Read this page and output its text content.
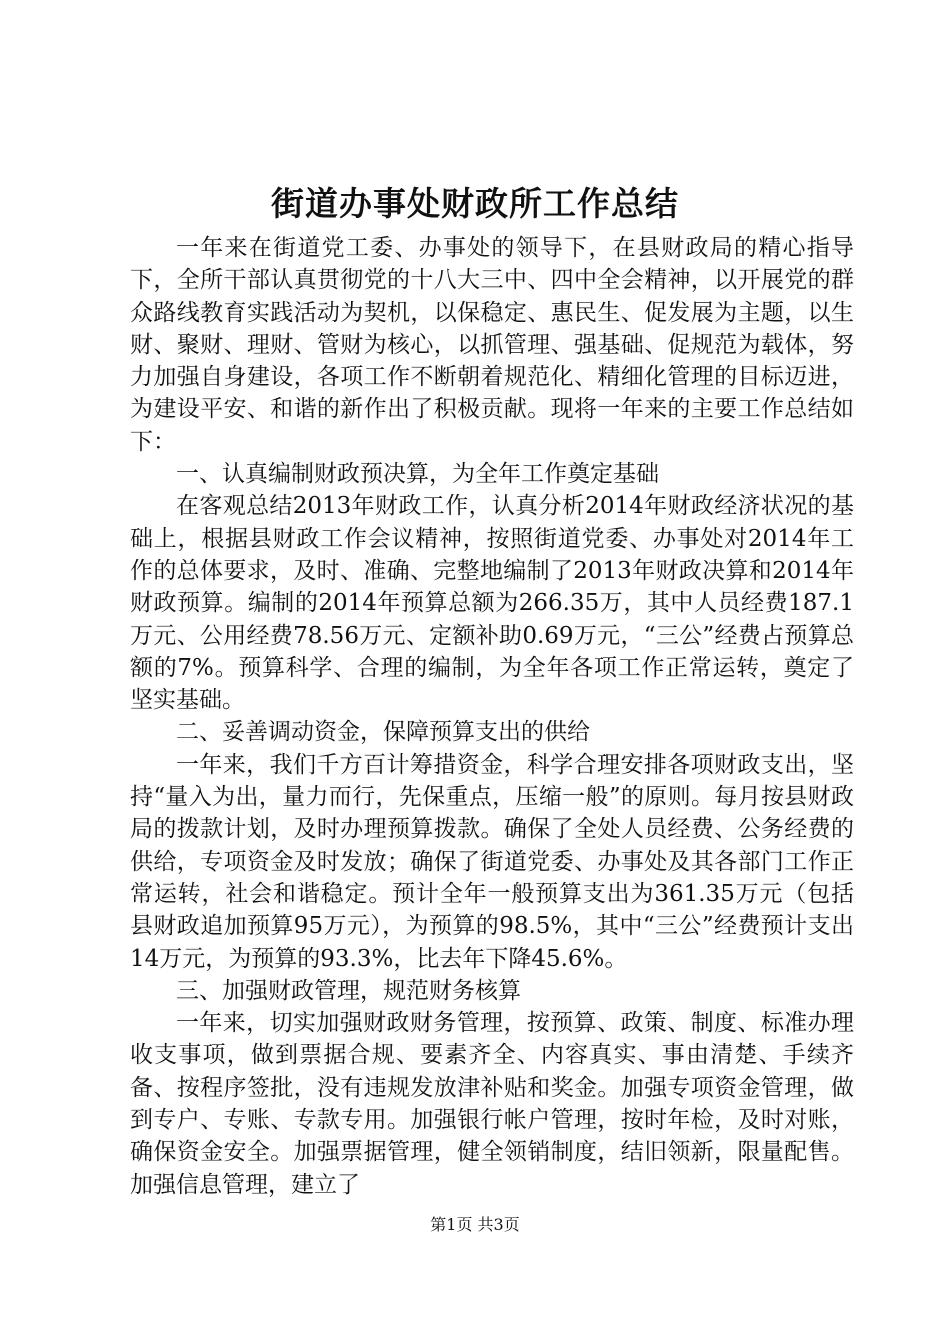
街道办事处财政所工作总结

一年来在街道党工委、办事处的领导下，在县财政局的精心指导下，全所干部认真贯彻党的十八大三中、四中全会精神，以开展党的群众路线教育实践活动为契机，以保稳定、惠民生、促发展为主题，以生财、聚财、理财、管财为核心，以抓管理、强基础、促规范为载体，努力加强自身建设，各项工作不断朝着规范化、精细化管理的目标迈进，为建设平安、和谐的新作出了积极贡献。现将一年来的主要工作总结如下：

一、认真编制财政预决算，为全年工作奠定基础

在客观总结2013年财政工作，认真分析2014年财政经济状况的基础上，根据县财政工作会议精神，按照街道党委、办事处对2014年工作的总体要求，及时、准确、完整地编制了2013年财政决算和2014年财政预算。编制的2014年预算总额为266.35万，其中人员经费187.1万元、公用经费78.56万元、定额补助0.69万元，“三公”经费占预算总额的7%。预算科学、合理的编制，为全年各项工作正常运转，奠定了坚实基础。

二、妥善调动资金，保障预算支出的供给

一年来，我们千方百计筹措资金，科学合理安排各项财政支出，坚持“量入为出，量力而行，先保重点，压缩一般”的原则。每月按县财政局的拨款计划，及时办理预算拨款。确保了全处人员经费、公务经费的供给，专项资金及时发放；确保了街道党委、办事处及其各部门工作正常运转，社会和谐稳定。预计全年一般预算支出为361.35万元（包括县财政追加预算95万元），为预算的98.5%，其中“三公”经费预计支出14万元，为预算的93.3%，比去年下降45.6%。

三、加强财政管理，规范财务核算

一年来，切实加强财政财务管理，按预算、政策、制度、标准办理收支事项，做到票据合规、要素齐全、内容真实、事由清楚、手续齐备、按程序签批，没有违规发放津补贴和奖金。加强专项资金管理，做到专户、专账、专款专用。加强银行帐户管理，按时年检，及时对账，确保资金安全。加强票据管理，健全领销制度，结旧领新，限量配售。加强信息管理，建立了

第1页 共3页
